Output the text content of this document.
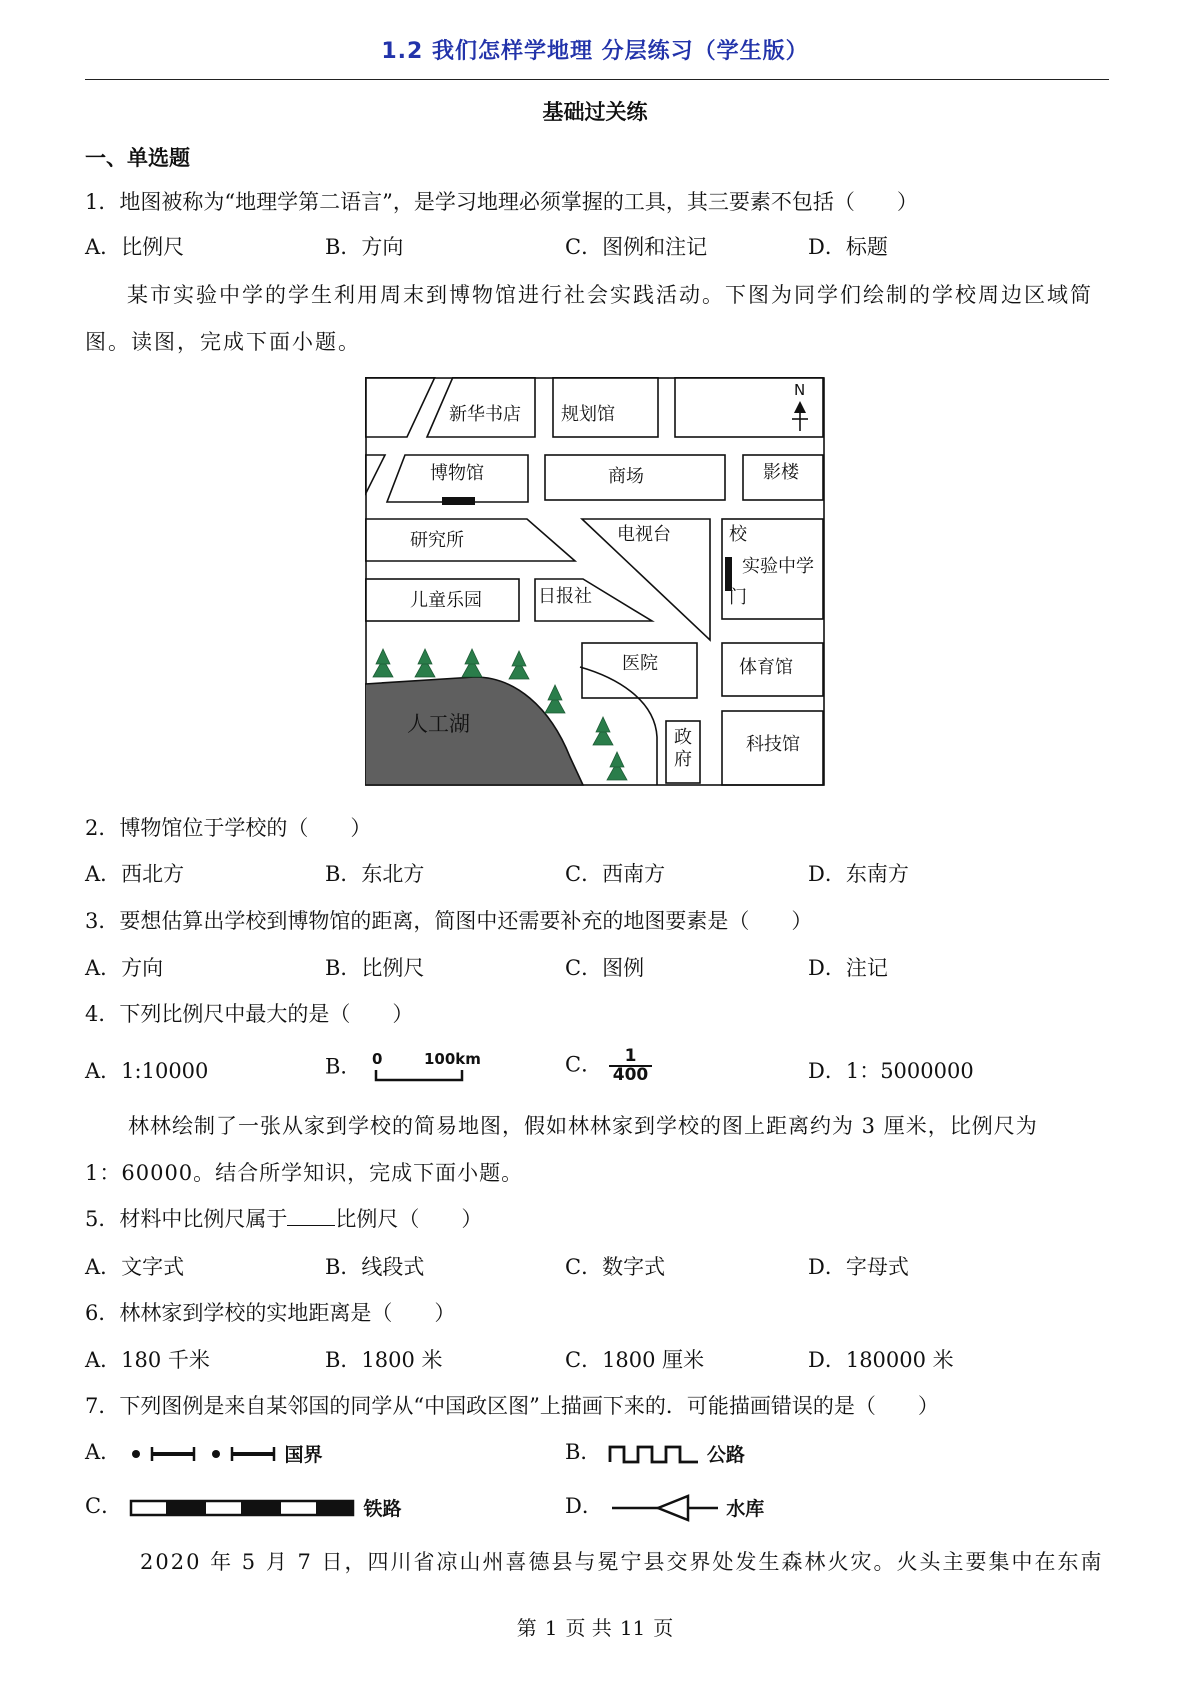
1.2 我们怎样学地理 分层练习（学生版）
基础过关练
一、单选题
1．地图被称为“地理学第二语言”，是学习地理必须掌握的工具，其三要素不包括（　　）
A．比例尺	B．方向	C．图例和注记	D．标题
某市实验中学的学生利用周末到博物馆进行社会实践活动。下图为同学们绘制的学校周边区域简图。读图，完成下面小题。
N
新华书店 规划馆
博物馆	商场	影楼
研究所	电视台	校
实验中学
门
儿童乐园	日报社
医院	体育馆
人工湖
政
府
科技馆
2．博物馆位于学校的（　　）
A．西北方	B．东北方	C．西南方	D．东南方
3．要想估算出学校到博物馆的距离，简图中还需要补充的地图要素是（　　）
A．方向	B．比例尺	C．图例	D．注记
4．下列比例尺中最大的是（　　）
A．1:10000	B． 0	100km	C． $\frac{1}{400}$	D．1：5000000
林林绘制了一张从家到学校的简易地图，假如林林家到学校的图上距离约为 3 厘米，比例尺为
1：60000。结合所学知识，完成下面小题。
5．材料中比例尺属于 比例尺（　　）
A．文字式	B．线段式	C．数字式	D．字母式
6．林林家到学校的实地距离是（　　）
A．180 千米	B．1800 米	C．1800 厘米	D．180000 米
7．下列图例是来自某邻国的同学从“中国政区图”上描画下来的．可能描画错误的是（　　）
A．	国界	B．	公路
C．	铁路	D．	水库
2020 年 5 月 7 日，四川省凉山州喜德县与冕宁县交界处发生森林火灾。火头主要集中在东南
第 1 页 共 11 页
